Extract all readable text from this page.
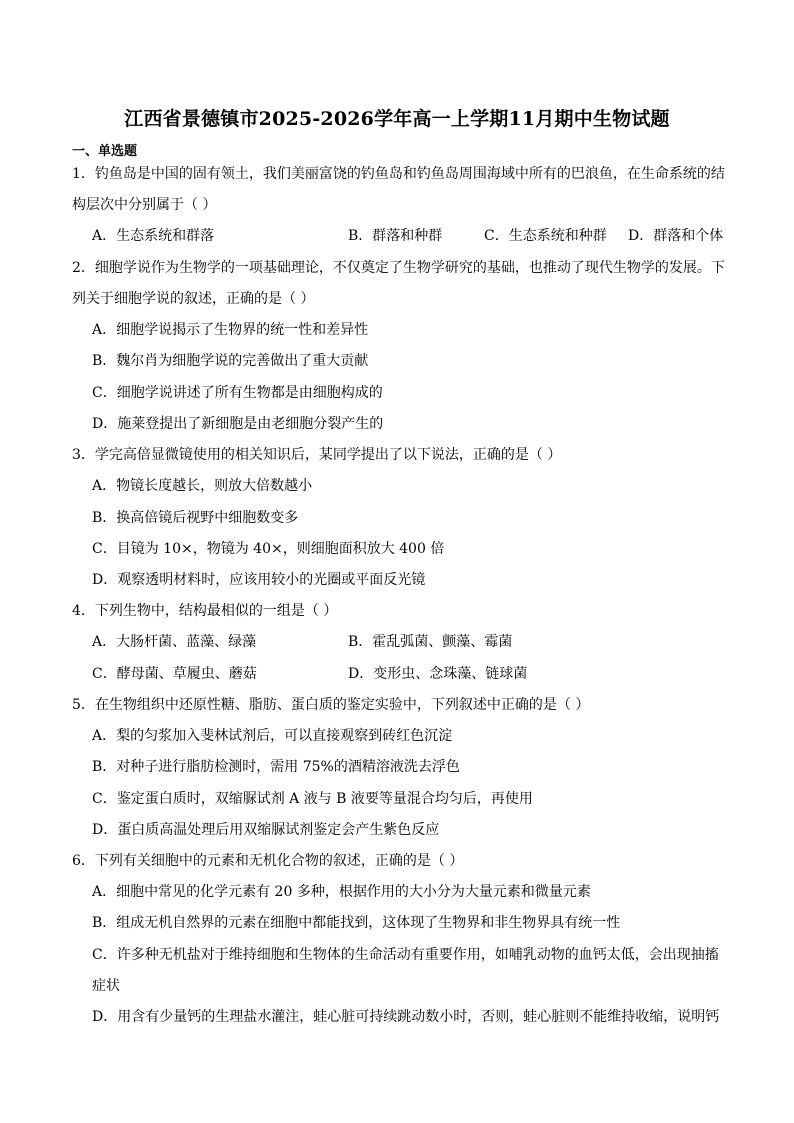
江西省景德镇市2025-2026学年高一上学期11月期中生物试题
一、单选题
1．钓鱼岛是中国的固有领土，我们美丽富饶的钓鱼岛和钓鱼岛周围海域中所有的巴浪鱼，在生命系统的结
构层次中分别属于（ ）
A．生态系统和群落	B．群落和种群	C．生态系统和种群 D．群落和个体
2．细胞学说作为生物学的一项基础理论，不仅奠定了生物学研究的基础，也推动了现代生物学的发展。下
列关于细胞学说的叙述，正确的是（ ）
A．细胞学说揭示了生物界的统一性和差异性
B．魏尔肖为细胞学说的完善做出了重大贡献
C．细胞学说讲述了所有生物都是由细胞构成的
D．施莱登提出了新细胞是由老细胞分裂产生的
3．学完高倍显微镜使用的相关知识后，某同学提出了以下说法，正确的是（ ）
A．物镜长度越长，则放大倍数越小
B．换高倍镜后视野中细胞数变多
C．目镜为 10×，物镜为 40×，则细胞面积放大 400 倍
D．观察透明材料时，应该用较小的光圈或平面反光镜
4．下列生物中，结构最相似的一组是（ ）
A．大肠杆菌、蓝藻、绿藻	B．霍乱弧菌、颤藻、霉菌
C．酵母菌、草履虫、蘑菇	D．变形虫、念珠藻、链球菌
5．在生物组织中还原性糖、脂肪、蛋白质的鉴定实验中，下列叙述中正确的是（ ）
A．梨的匀浆加入斐林试剂后，可以直接观察到砖红色沉淀
B．对种子进行脂肪检测时，需用 75%的酒精溶液洗去浮色
C．鉴定蛋白质时，双缩脲试剂 A 液与 B 液要等量混合均匀后，再使用
D．蛋白质高温处理后用双缩脲试剂鉴定会产生紫色反应
6．下列有关细胞中的元素和无机化合物的叙述，正确的是（ ）
A．细胞中常见的化学元素有 20 多种，根据作用的大小分为大量元素和微量元素
B．组成无机自然界的元素在细胞中都能找到，这体现了生物界和非生物界具有统一性
C．许多种无机盐对于维持细胞和生物体的生命活动有重要作用，如哺乳动物的血钙太低，会出现抽搐
症状
D．用含有少量钙的生理盐水灌注，蛙心脏可持续跳动数小时，否则，蛙心脏则不能维持收缩，说明钙
